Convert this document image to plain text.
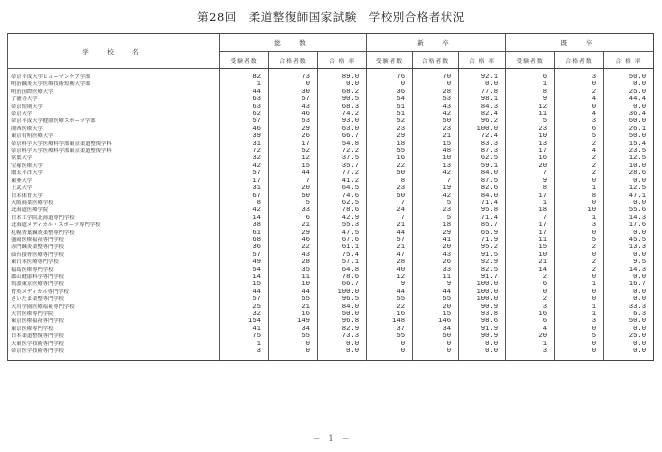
第28回　柔道整復師国家試験　学校別合格者状況
学　校　名	総　数			新　卒			既　卒		
	受験者数	合格者数	合 格 率	受験者数	合格者数	合 格 率	受験者数	合格者数	合 格 率

帝京平成大学ヒューマンケア学部	82	73	89.0	76	70	92.1	6	3	50.0
明治鍼灸大学医療技術短期大学部	1	0	0.0	0	0	0.0	1	0	0.0
明治国際医療大学	44	30	68.2	36	28	77.8	8	2	25.0
了徳寺大学	63	57	90.5	54	53	98.1	9	4	44.4
帝京短期大学	63	43	68.3	51	43	84.3	12	0	0.0
帝京大学	62	46	74.2	51	42	82.4	11	4	36.4
帝京平成大学健康医療スポーツ学部	57	53	93.0	52	50	96.2	5	3	60.0
関西医療大学	46	29	63.0	23	23	100.0	23	6	26.1
東京有明医療大学	39	26	66.7	29	21	72.4	10	5	50.0
帝京科学大学医療科学部東京柔道整復学科	31	17	54.8	18	15	83.3	13	2	15.4
帝京科学大学医療科学部東京柔道整復学科	72	52	72.2	55	48	87.3	17	4	23.5
常葉大学	32	12	37.5	16	10	62.5	16	2	12.5
宝塚医療大学	42	15	35.7	22	13	59.1	20	2	10.0
環太平洋大学	57	44	77.2	50	42	84.0	7	2	28.6
東亜大学	17	7	41.2	8	7	87.5	9	0	0.0
上武大学	31	20	64.5	23	19	82.6	8	1	12.5
日本体育大学	67	50	74.6	50	42	84.0	17	8	47.1
大阪商業医療学校	8	5	62.5	7	5	71.4	1	0	0.0
北海道医療学院	42	33	78.6	24	23	95.8	18	10	55.6
日本工学院北海道専門学校	14	6	42.9	7	5	71.4	7	1	14.3
北海道メディカル・スポーツ専門学校	38	21	55.3	21	18	85.7	17	3	17.6
札幌青葉鍼灸柔整専門学校	61	29	47.5	44	29	65.9	17	0	0.0
盛岡医療福祉専門学校	68	46	67.6	57	41	71.9	11	5	45.5
赤門鍼灸柔整専門学校	36	22	61.1	21	20	95.2	15	2	13.3
仙台接骨医療専門学校	57	43	75.4	47	43	91.5	10	0	0.0
東日本医療専門学校	49	28	57.1	28	26	92.9	21	2	9.5
福島医療専門学校	54	35	64.8	40	33	82.5	14	2	14.3
郡山健康科学専門学校	14	11	78.6	12	11	91.7	2	0	0.0
筑波東京医療専門学校	15	10	66.7	9	9	100.0	6	1	16.7
育英メディカル専門学校	44	44	100.0	44	44	100.0	0	0	0.0
さいたま柔整専門学校	57	55	96.5	55	55	100.0	2	0	0.0
大川学園医療福祉専門学校	25	21	84.0	22	20	90.9	3	1	33.3
大宮医療専門学院	32	16	50.0	16	15	93.8	16	1	6.3
東京医療福祉専門学校	154	149	96.8	148	146	98.6	6	3	50.0
東京医療専門学校	41	34	82.9	37	34	91.9	4	0	0.0
日本柔道整復専門学校	75	55	73.3	55	50	90.9	20	5	25.0
大東医学技術専門学校	1	0	0.0	0	0	0.0	1	0	0.0
帝京医学技術専門学校	3	0	0.0	0	0	0.0	3	0	0.0

－　1　－
